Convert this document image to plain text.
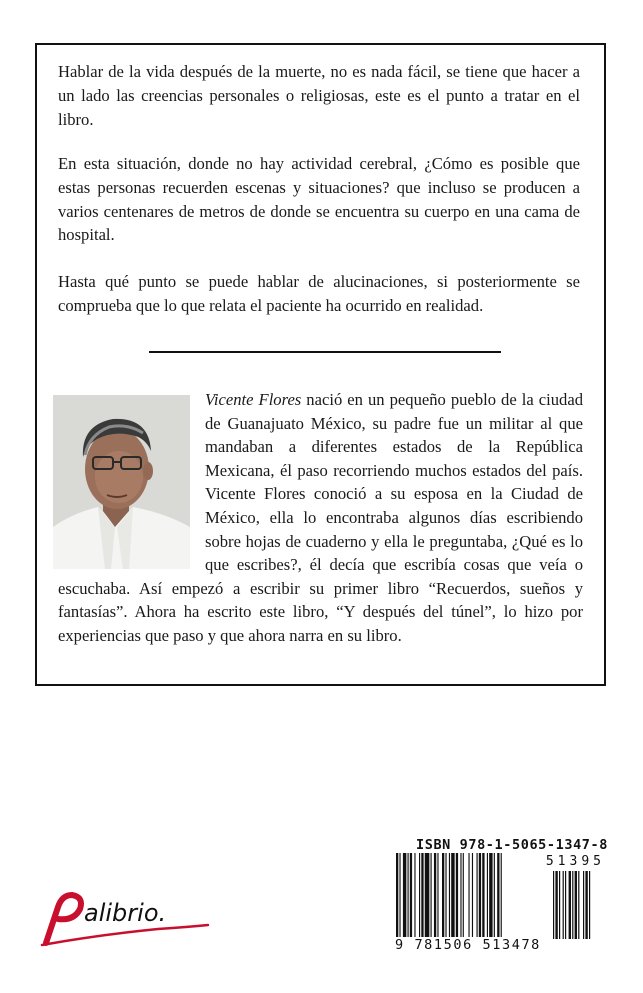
Hablar de la vida después de la muerte, no es nada fácil, se tiene que hacer a un lado las creencias personales o religiosas, este es el punto a tratar en el libro.

En esta situación, donde no hay actividad cerebral, ¿Cómo es posible que estas personas recuerden escenas y situaciones? que incluso se producen a varios centenares de metros de donde se encuentra su cuerpo en una cama de hospital.

Hasta qué punto se puede hablar de alucinaciones, si posteriormente se comprueba que lo que relata el paciente ha ocurrido en realidad.

Vicente Flores nació en un pequeño pueblo de la ciudad de Guanajuato México, su padre fue un militar al que mandaban a diferentes estados de la República Mexicana, él paso recorriendo muchos estados del país. Vicente Flores conoció a su esposa en la Ciudad de México, ella lo encontraba algunos días escribiendo sobre hojas de cuaderno y ella le preguntaba, ¿Qué es lo que escribes?, él decía que escribía cosas que veía o escuchaba. Así empezó a escribir su primer libro “Recuerdos, sueños y fantasías”. Ahora ha escrito este libro, “Y después del túnel”, lo hizo por experiencias que paso y que ahora narra en su libro.

alibrio.
ISBN 978-1-5065-1347-8
51395
9 781506 513478
